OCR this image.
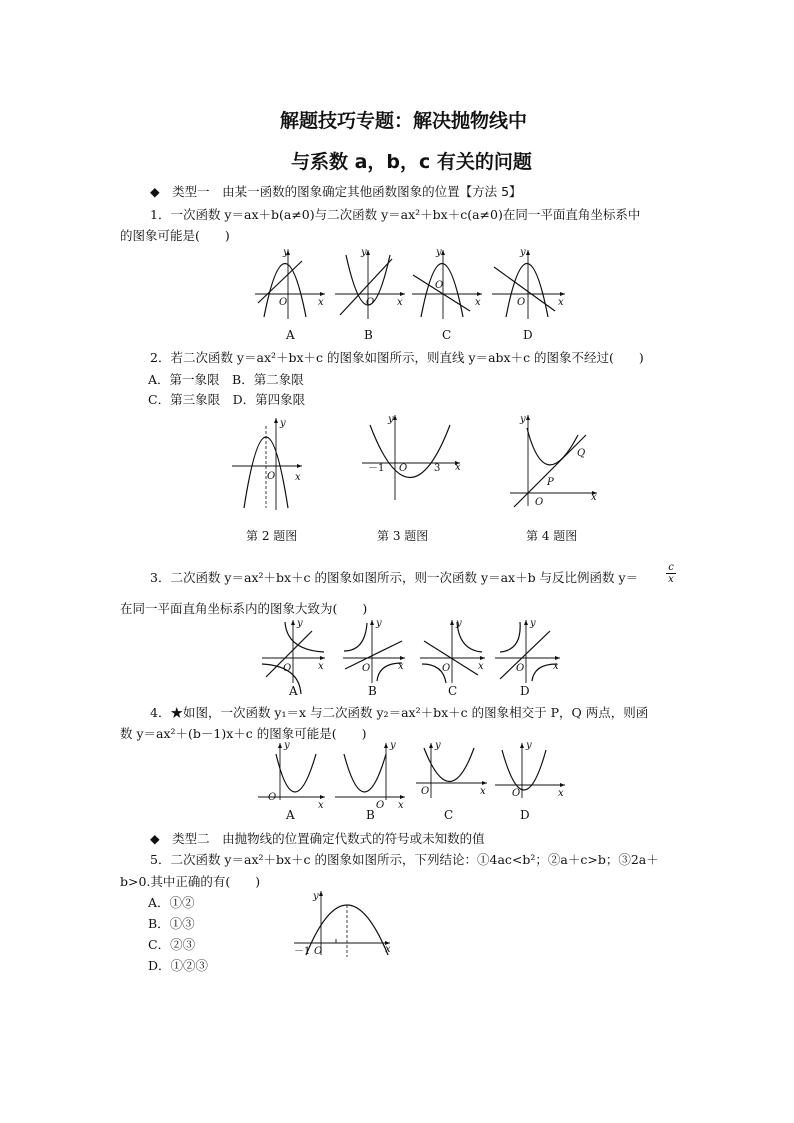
解题技巧专题：解决抛物线中
与系数 a，b，c 有关的问题
◆　类型一　由某一函数的图象确定其他函数图象的位置【方法 5】
1．一次函数 y＝ax＋b(a≠0)与二次函数 y＝ax²＋bx＋c(a≠0)在同一平面直角坐标系中
的图象可能是(　　)
y
x
O
y
x
O
y
x
O
y
x
O
A	B	C	D
2．若二次函数 y＝ax²＋bx＋c 的图象如图所示，则直线 y＝abx＋c 的图象不经过(　　)
A．第一象限　B．第二象限
C．第三象限　D．第四象限
y
x
O
y
x
O
－1	3
y
x
O
P
Q
第 2 题图	第 3 题图	第 4 题图
3．二次函数 y＝ax²＋bx＋c 的图象如图所示，则一次函数 y＝ax＋b 与反比例函数 y＝	$\frac{c}{x}$
在同一平面直角坐标系内的图象大致为(　　)
O	x
y
O	x
y
O	x
y
O	x
y
A	B	C	D
4．★如图，一次函数 y₁＝x 与二次函数 y₂＝ax²＋bx＋c 的图象相交于 P，Q 两点，则函
数 y＝ax²＋(b－1)x＋c 的图象可能是(　　)
O
x
y
O x
y
O	x
y
O	x
y
A	B	C	D
◆　类型二　由抛物线的位置确定代数式的符号或未知数的值
5．二次函数 y＝ax²＋bx＋c 的图象如图所示，下列结论：①4ac<b²；②a＋c>b；③2a＋
b>0.其中正确的有(　　)
A．①②
B．①③
C．②③
D．①②③
y
x
O
－1
